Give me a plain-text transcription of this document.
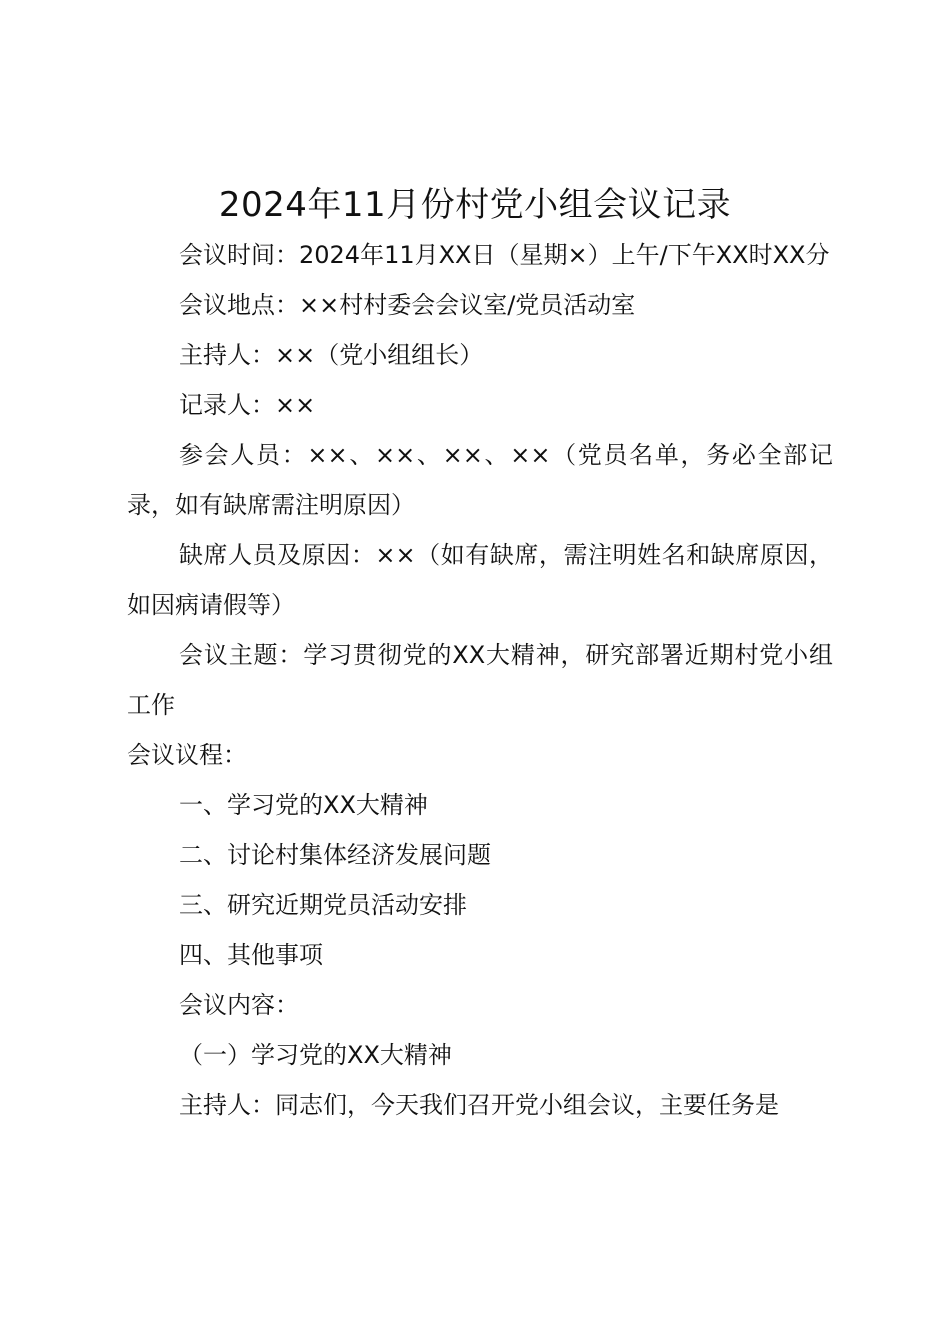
2024年11月份村党小组会议记录

会议时间：2024年11月XX日（星期×）上午/下午XX时XX分

会议地点：××村村委会会议室/党员活动室

主持人：××（党小组组长）

记录人：××

参会人员：××、××、××、××（党员名单，务必全部记录，如有缺席需注明原因）

缺席人员及原因：××（如有缺席，需注明姓名和缺席原因，如因病请假等）

会议主题：学习贯彻党的XX大精神，研究部署近期村党小组工作

会议议程：

一、学习党的XX大精神

二、讨论村集体经济发展问题

三、研究近期党员活动安排

四、其他事项

会议内容：

（一）学习党的XX大精神

主持人：同志们，今天我们召开党小组会议，主要任务是
